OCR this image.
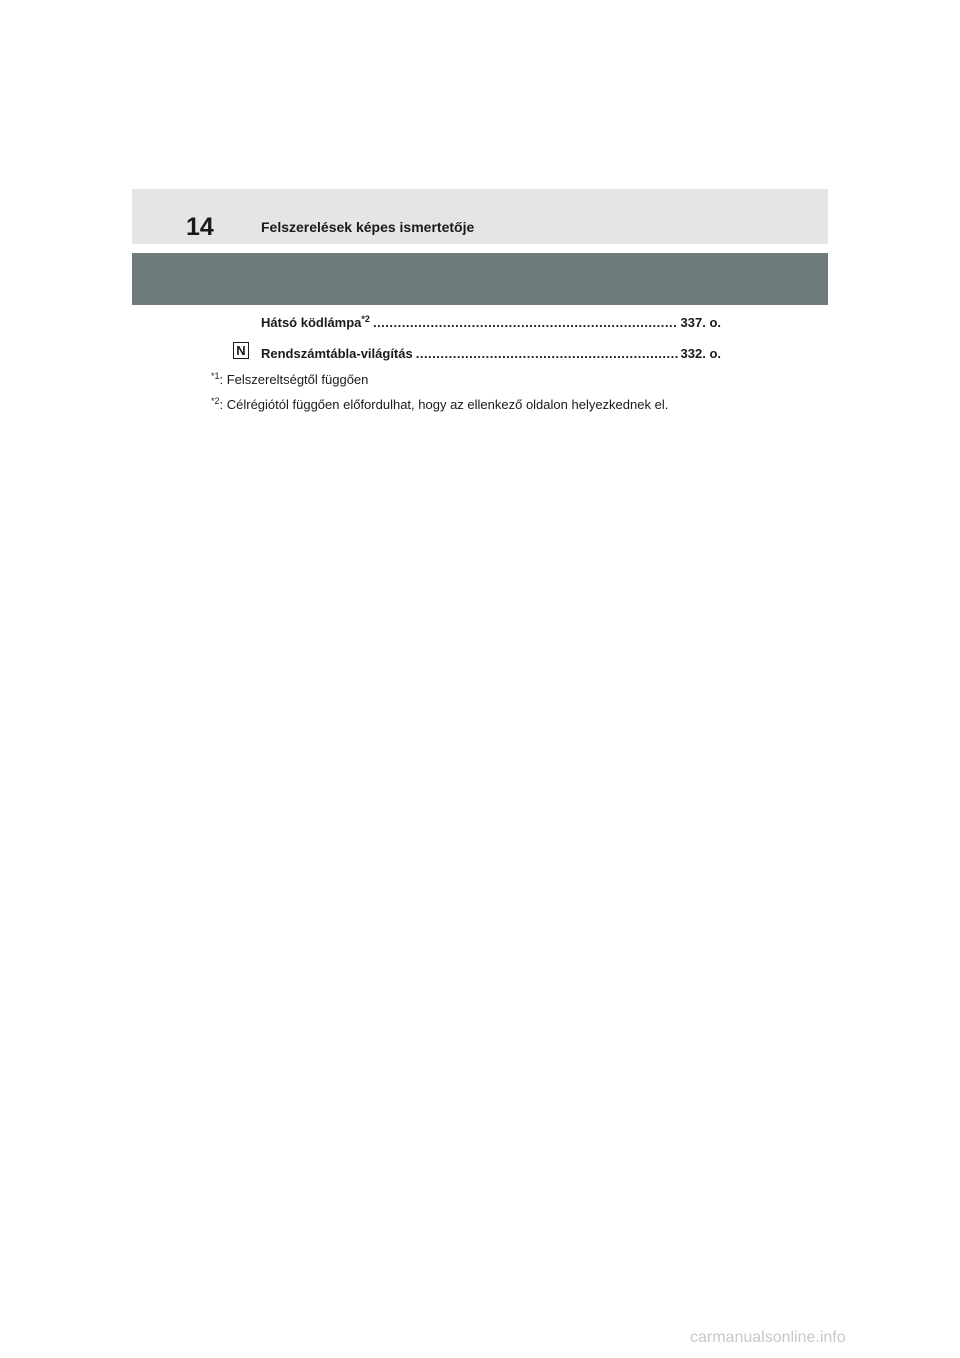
14	Felszerelések képes ismertetője
Hátsó ködlámpa$^{*2}$ .....	337. o.
N Rendszámtábla-világítás .....	332. o.
$^{*1}$: Felszereltségtől függően
$^{*2}$: Célrégiótól függően előfordulhat, hogy az ellenkező oldalon helyezkednek el.
carmanualsonline.info
